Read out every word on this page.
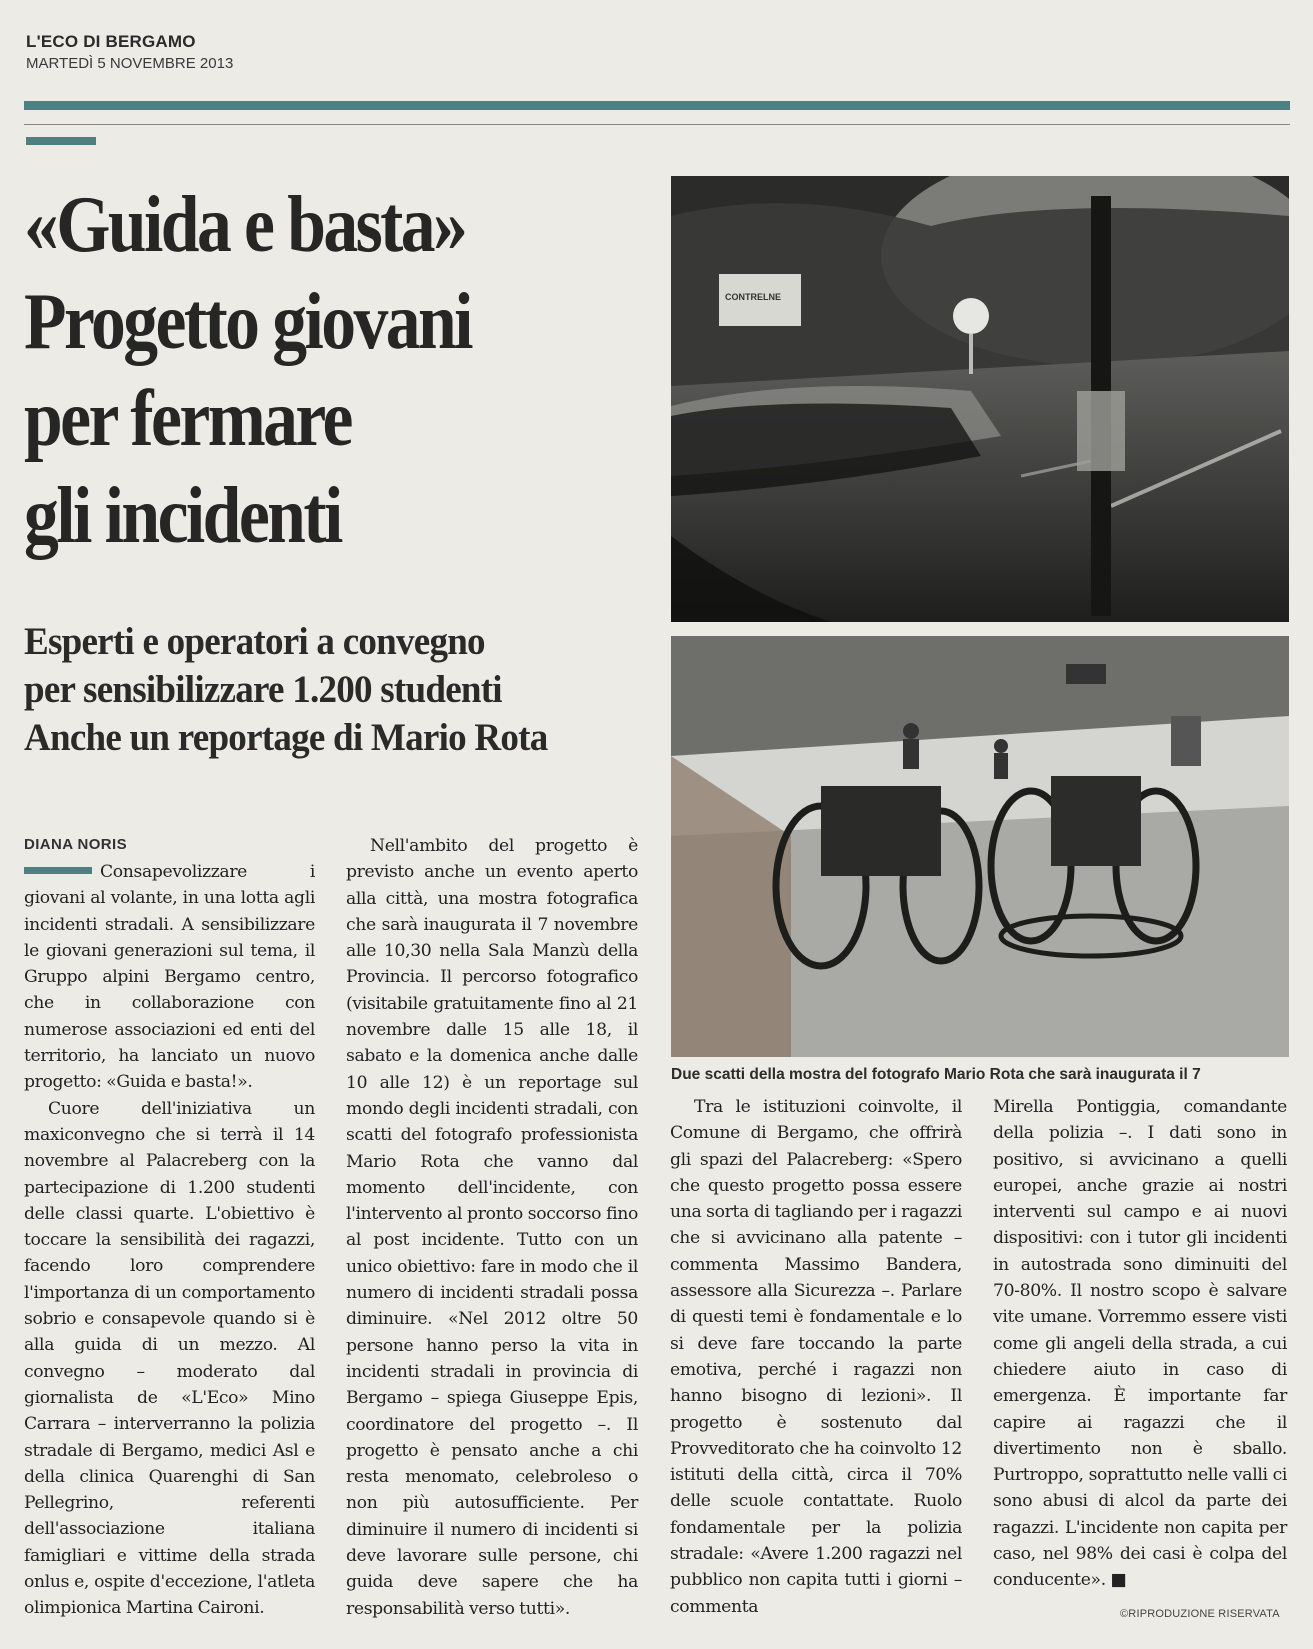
L'ECO DI BERGAMO
MARTEDÌ 5 NOVEMBRE 2013
«Guida e basta»
Progetto giovani
per fermare
gli incidenti
Esperti e operatori a convegno
per sensibilizzare 1.200 studenti
Anche un reportage di Mario Rota
DIANA NORIS

Consapevolizzare i giovani al volante, in una lotta agli incidenti stradali. A sensibilizzare le giovani generazioni sul tema, il Gruppo alpini Bergamo centro, che in collaborazione con numerose associazioni ed enti del territorio, ha lanciato un nuovo progetto: «Guida e basta!».

Cuore dell'iniziativa un maxiconvegno che si terrà il 14 novembre al Palacreberg con la partecipazione di 1.200 studenti delle classi quarte. L'obiettivo è toccare la sensibilità dei ragazzi, facendo loro comprendere l'importanza di un comportamento sobrio e consapevole quando si è alla guida di un mezzo. Al convegno – moderato dal giornalista de «L'Eco» Mino Carrara – interverranno la polizia stradale di Bergamo, medici Asl e della clinica Quarenghi di San Pellegrino, referenti dell'associazione italiana famigliari e vittime della strada onlus e, ospite d'eccezione, l'atleta olimpionica Martina Caironi.

Nell'ambito del progetto è previsto anche un evento aperto alla città, una mostra fotografica che sarà inaugurata il 7 novembre alle 10,30 nella Sala Manzù della Provincia. Il percorso fotografico (visitabile gratuitamente fino al 21 novembre dalle 15 alle 18, il sabato e la domenica anche dalle 10 alle 12) è un reportage sul mondo degli incidenti stradali, con scatti del fotografo professionista Mario Rota che vanno dal momento dell'incidente, con l'intervento al pronto soccorso fino al post incidente. Tutto con un unico obiettivo: fare in modo che il numero di incidenti stradali possa diminuire. «Nel 2012 oltre 50 persone hanno perso la vita in incidenti stradali in provincia di Bergamo – spiega Giuseppe Epis, coordinatore del progetto –. Il progetto è pensato anche a chi resta menomato, celebroleso o non più autosufficiente. Per diminuire il numero di incidenti si deve lavorare sulle persone, chi guida deve sapere che ha responsabilità verso tutti».

CONTRELNE
Due scatti della mostra del fotografo Mario Rota che sarà inaugurata il 7

Tra le istituzioni coinvolte, il Comune di Bergamo, che offrirà gli spazi del Palacreberg: «Spero che questo progetto possa essere una sorta di tagliando per i ragazzi che si avvicinano alla patente – commenta Massimo Bandera, assessore alla Sicurezza –. Parlare di questi temi è fondamentale e lo si deve fare toccando la parte emotiva, perché i ragazzi non hanno bisogno di lezioni». Il progetto è sostenuto dal Provveditorato che ha coinvolto 12 istituti della città, circa il 70% delle scuole contattate. Ruolo fondamentale per la polizia stradale: «Avere 1.200 ragazzi nel pubblico non capita tutti i giorni – commenta

Mirella Pontiggia, comandante della polizia –. I dati sono in positivo, si avvicinano a quelli europei, anche grazie ai nostri interventi sul campo e ai nuovi dispositivi: con i tutor gli incidenti in autostrada sono diminuiti del 70-80%. Il nostro scopo è salvare vite umane. Vorremmo essere visti come gli angeli della strada, a cui chiedere aiuto in caso di emergenza. È importante far capire ai ragazzi che il divertimento non è sballo. Purtroppo, soprattutto nelle valli ci sono abusi di alcol da parte dei ragazzi. L'incidente non capita per caso, nel 98% dei casi è colpa del conducente». ■

©RIPRODUZIONE RISERVATA
